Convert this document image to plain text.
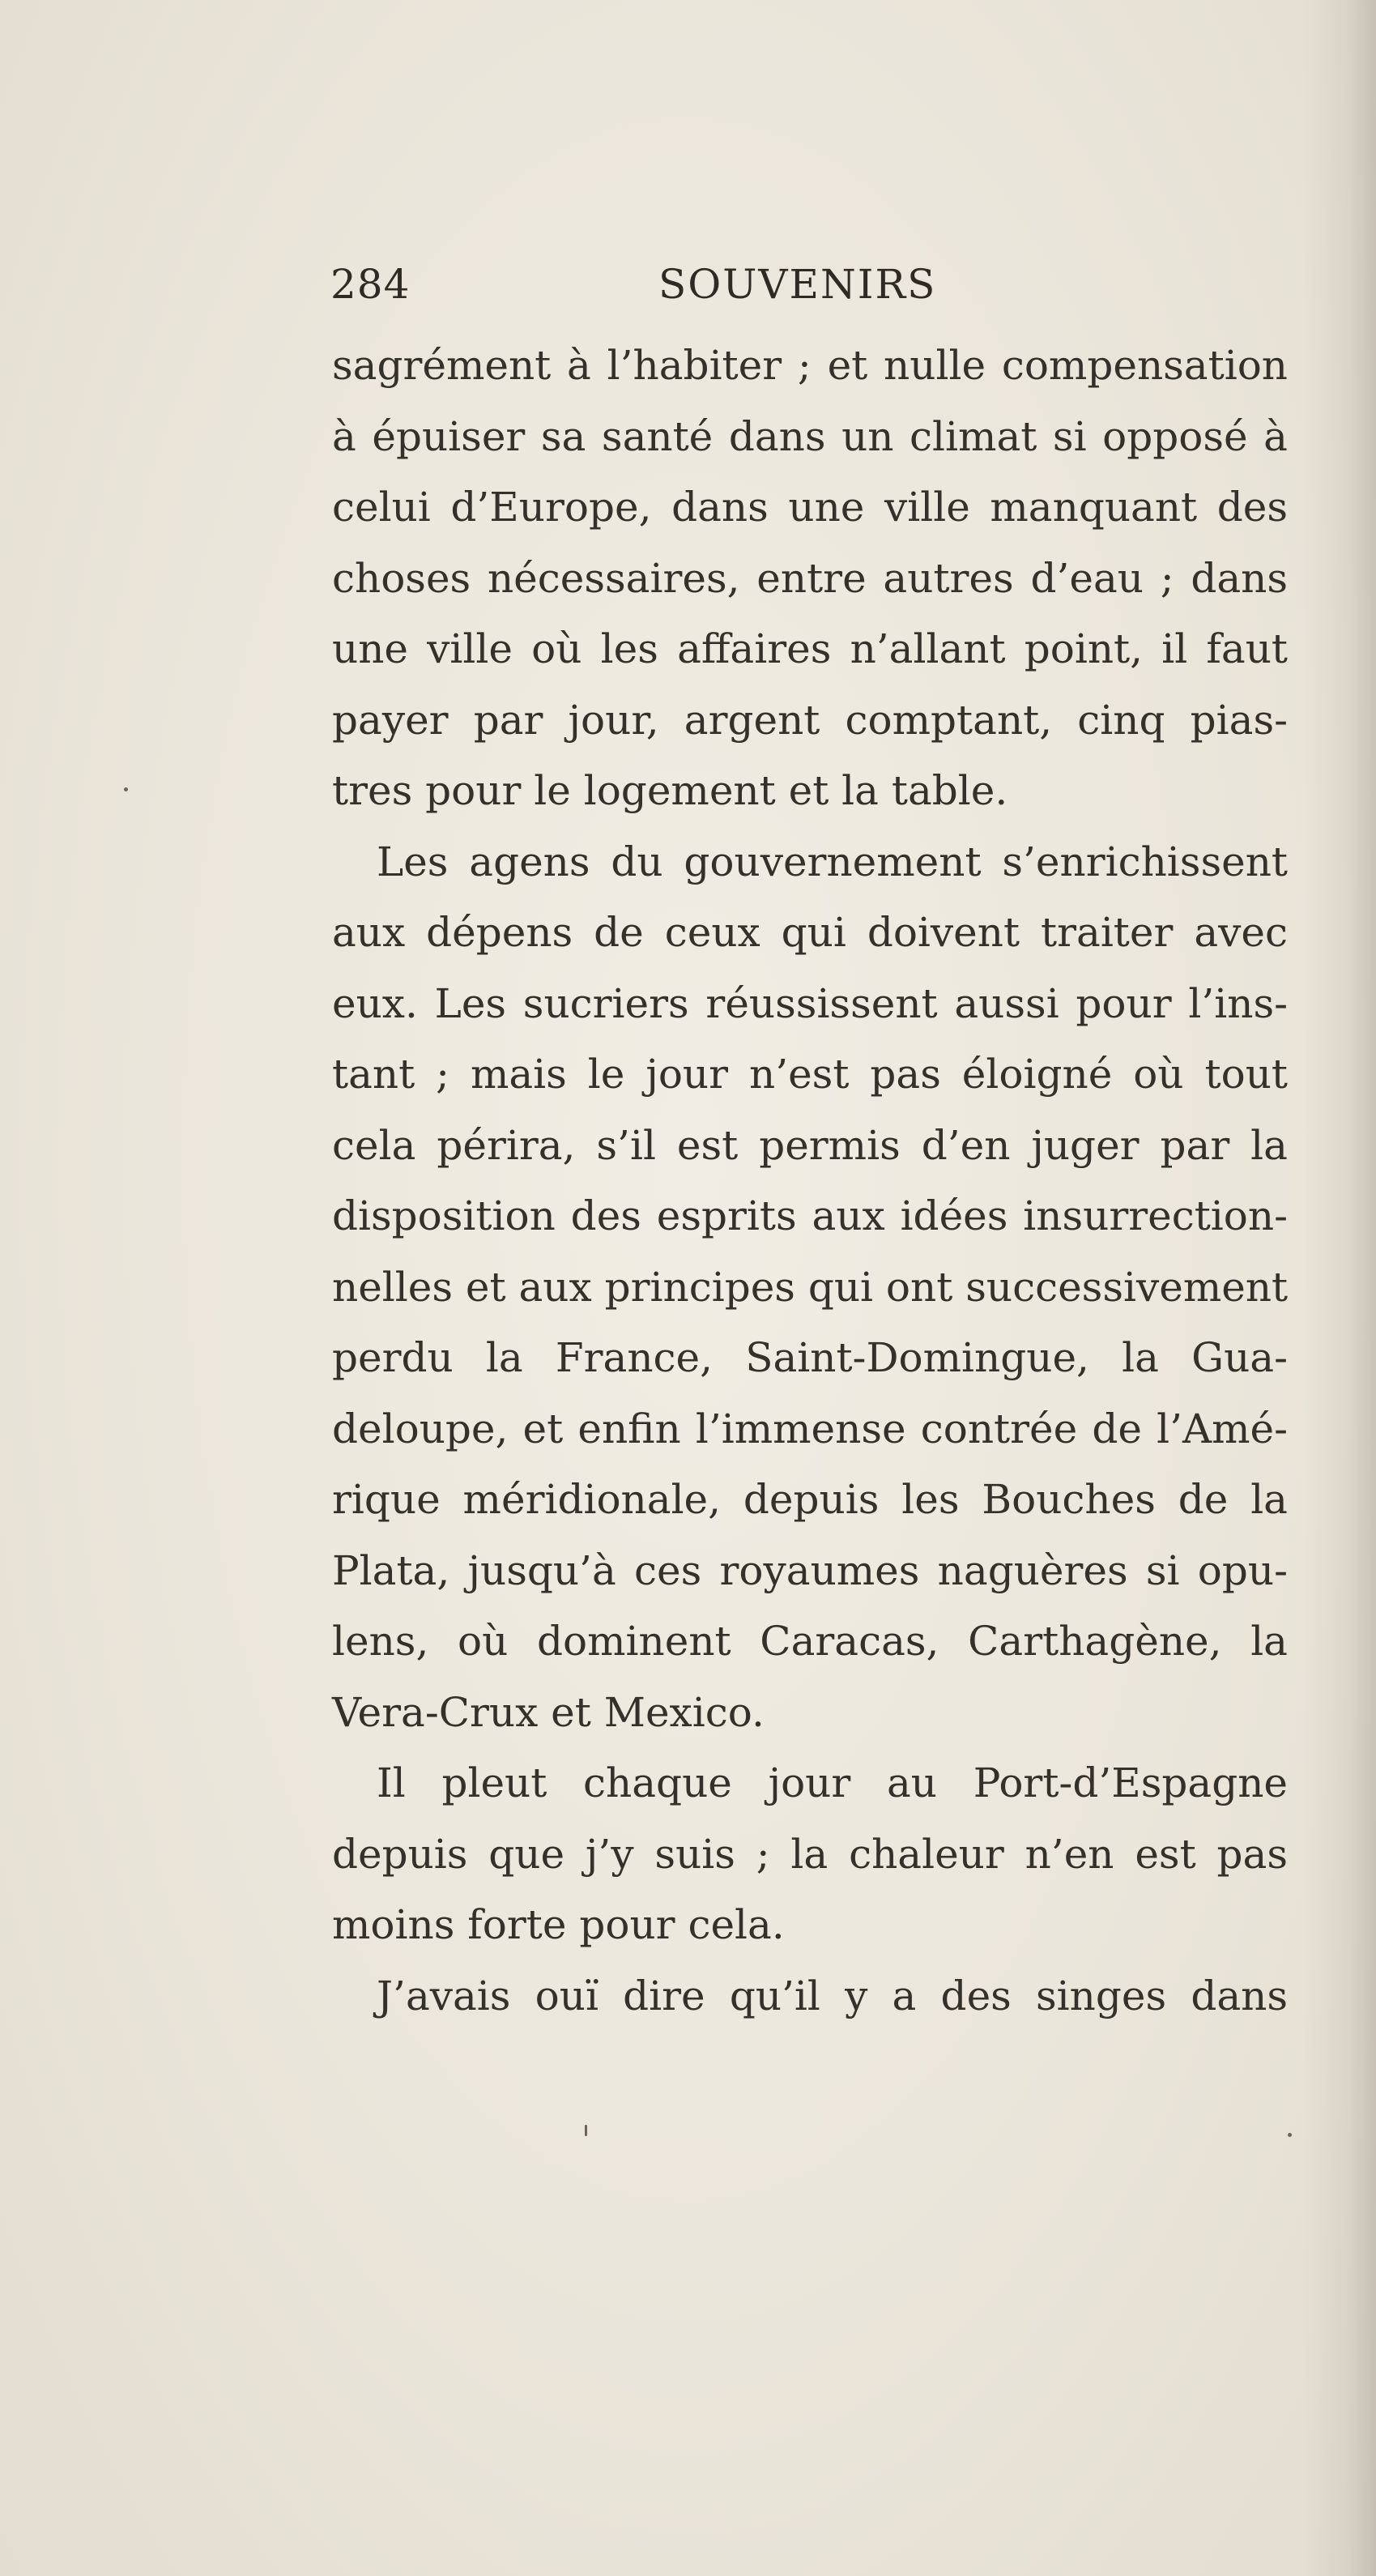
284	SOUVENIRS
sagrément à l’habiter ; et nulle compensation
à épuiser sa santé dans un climat si opposé à
celui d’Europe, dans une ville manquant des
choses nécessaires, entre autres d’eau ; dans
une ville où les affaires n’allant point, il faut
payer par jour, argent comptant, cinq pias-
tres pour le logement et la table.
Les agens du gouvernement s’enrichissent
aux dépens de ceux qui doivent traiter avec
eux. Les sucriers réussissent aussi pour l’ins-
tant ; mais le jour n’est pas éloigné où tout
cela périra, s’il est permis d’en juger par la
disposition des esprits aux idées insurrection-
nelles et aux principes qui ont successivement
perdu la France, Saint-Domingue, la Gua-
deloupe, et enfin l’immense contrée de l’Amé-
rique méridionale, depuis les Bouches de la
Plata, jusqu’à ces royaumes naguères si opu-
lens, où dominent Caracas, Carthagène, la
Vera-Crux et Mexico.
Il pleut chaque jour au Port-d’Espagne
depuis que j’y suis ; la chaleur n’en est pas
moins forte pour cela.
J’avais ouï dire qu’il y a des singes dans
